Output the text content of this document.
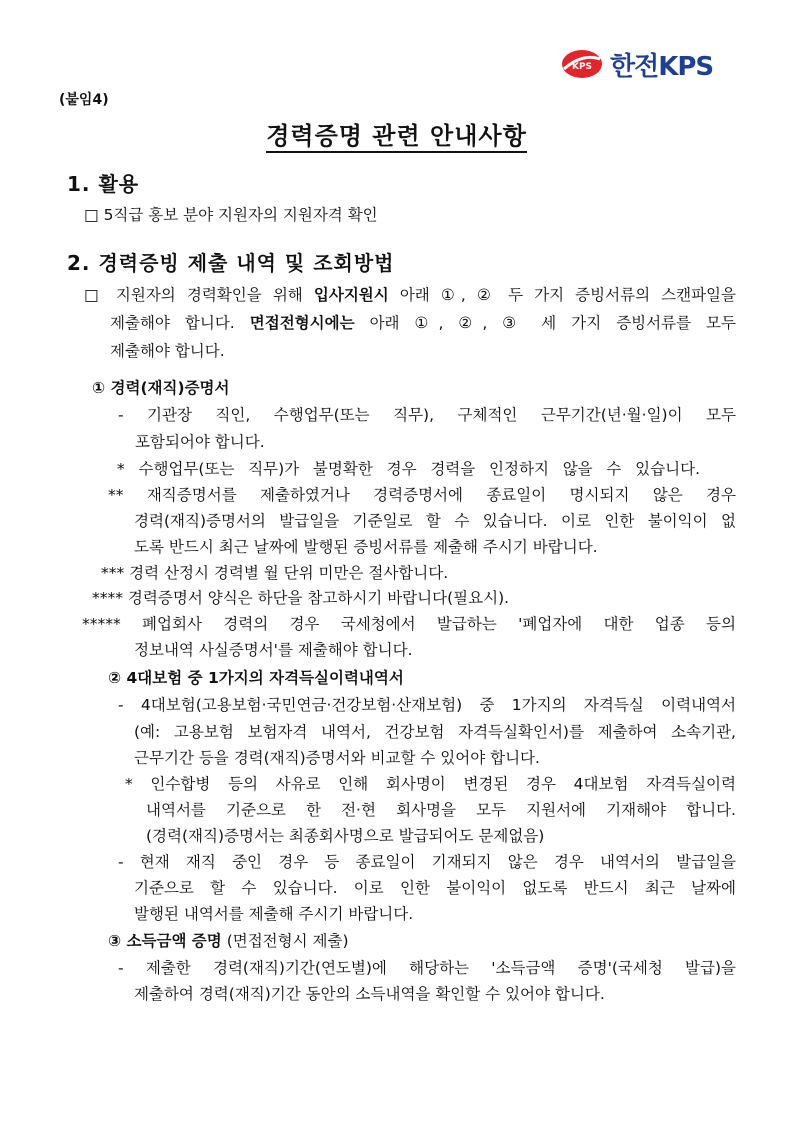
KPS 한전KPS
(붙임4)
경력증명 관련 안내사항
1. 활용
□ 5직급 홍보 분야 지원자의 지원자격 확인
2. 경력증빙 제출 내역 및 조회방법
□ 지원자의 경력확인을 위해 입사지원시 아래 ①, ② 두 가지 증빙서류의 스캔파일을
제출해야 합니다. 면접전형시에는 아래 ①, ②, ③ 세 가지 증빙서류를 모두
제출해야 합니다.
① 경력(재직)증명서
- 기관장 직인, 수행업무(또는 직무), 구체적인 근무기간(년·월·일)이 모두
포함되어야 합니다.
* 수행업무(또는 직무)가 불명확한 경우 경력을 인정하지 않을 수 있습니다.
** 재직증명서를 제출하였거나 경력증명서에 종료일이 명시되지 않은 경우
경력(재직)증명서의 발급일을 기준일로 할 수 있습니다. 이로 인한 불이익이 없
도록 반드시 최근 날짜에 발행된 증빙서류를 제출해 주시기 바랍니다.
*** 경력 산정시 경력별 월 단위 미만은 절사합니다.
**** 경력증명서 양식은 하단을 참고하시기 바랍니다(필요시).
***** 폐업회사 경력의 경우 국세청에서 발급하는 '폐업자에 대한 업종 등의
정보내역 사실증명서'를 제출해야 합니다.
② 4대보험 중 1가지의 자격득실이력내역서
- 4대보험(고용보험·국민연금·건강보험·산재보험) 중 1가지의 자격득실 이력내역서
(예: 고용보험 보험자격 내역서, 건강보험 자격득실확인서)를 제출하여 소속기관,
근무기간 등을 경력(재직)증명서와 비교할 수 있어야 합니다.
* 인수합병 등의 사유로 인해 회사명이 변경된 경우 4대보험 자격득실이력
내역서를 기준으로 한 전·현 회사명을 모두 지원서에 기재해야 합니다.
(경력(재직)증명서는 최종회사명으로 발급되어도 문제없음)
- 현재 재직 중인 경우 등 종료일이 기재되지 않은 경우 내역서의 발급일을
기준으로 할 수 있습니다. 이로 인한 불이익이 없도록 반드시 최근 날짜에
발행된 내역서를 제출해 주시기 바랍니다.
③ 소득금액 증명 (면접전형시 제출)
- 제출한 경력(재직)기간(연도별)에 해당하는 '소득금액 증명'(국세청 발급)을
제출하여 경력(재직)기간 동안의 소득내역을 확인할 수 있어야 합니다.
